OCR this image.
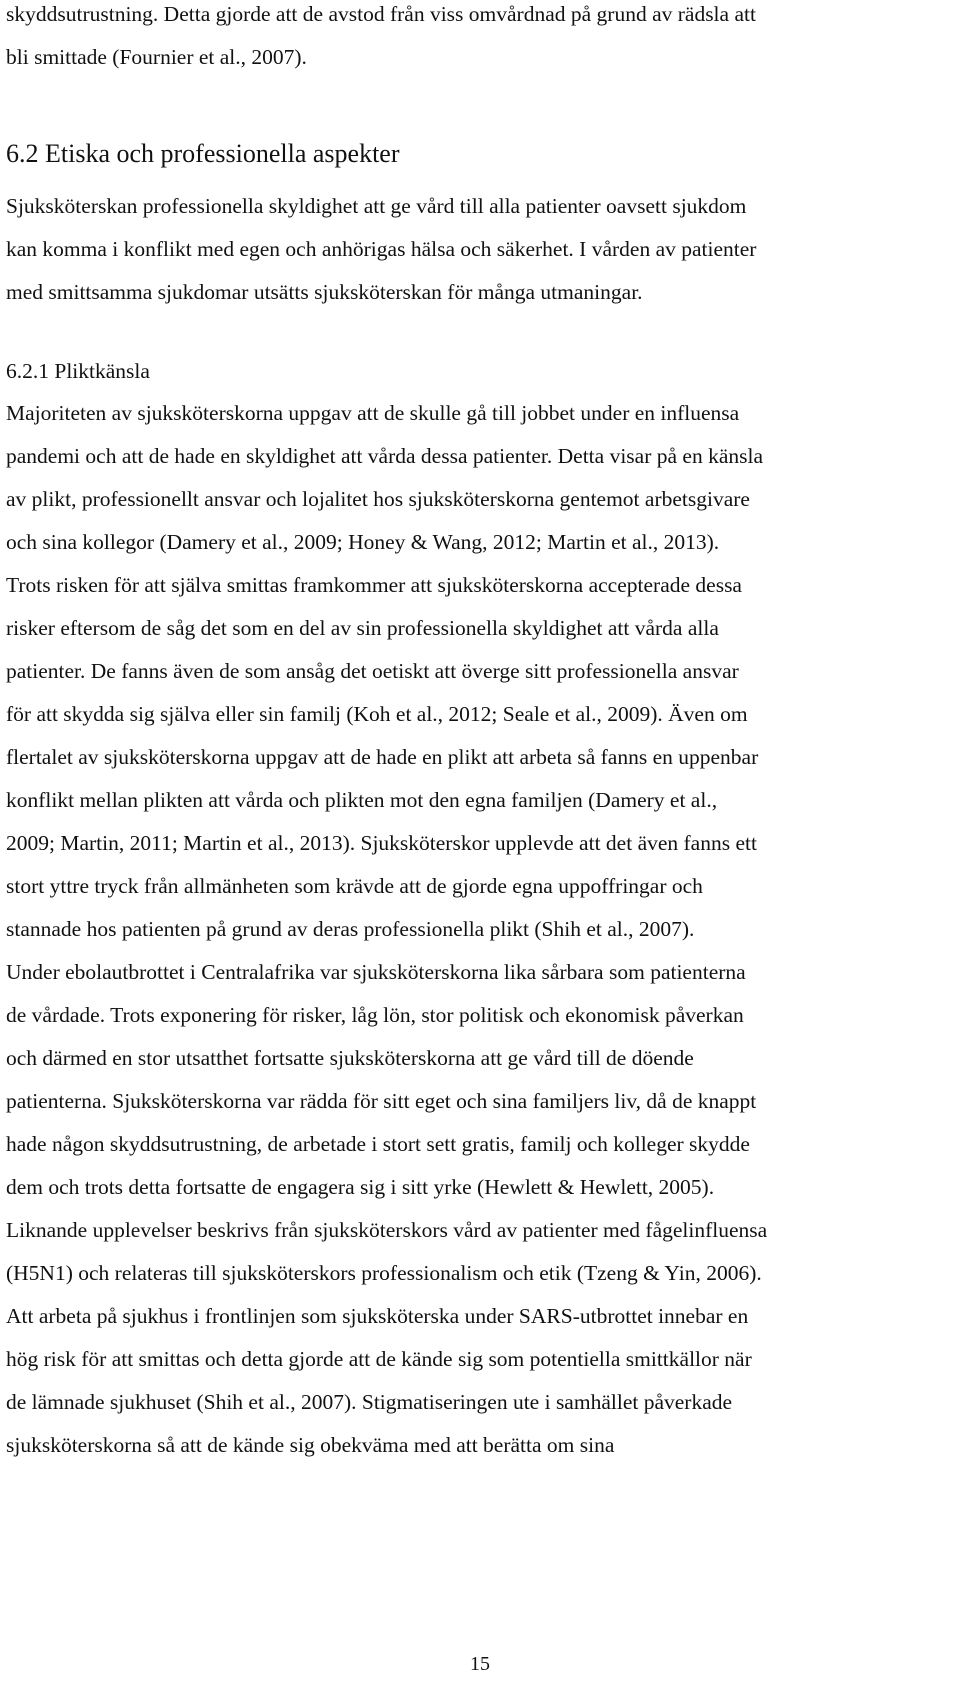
skyddsutrustning. Detta gjorde att de avstod från viss omvårdnad på grund av rädsla att
bli smittade (Fournier et al., 2007).
6.2 Etiska och professionella aspekter
Sjuksköterskan professionella skyldighet att ge vård till alla patienter oavsett sjukdom
kan komma i konflikt med egen och anhörigas hälsa och säkerhet. I vården av patienter
med smittsamma sjukdomar utsätts sjuksköterskan för många utmaningar.
6.2.1 Pliktkänsla
Majoriteten av sjuksköterskorna uppgav att de skulle gå till jobbet under en influensa
pandemi och att de hade en skyldighet att vårda dessa patienter. Detta visar på en känsla
av plikt, professionellt ansvar och lojalitet hos sjuksköterskorna gentemot arbetsgivare
och sina kollegor (Damery et al., 2009; Honey & Wang, 2012; Martin et al., 2013).
Trots risken för att själva smittas framkommer att sjuksköterskorna accepterade dessa
risker eftersom de såg det som en del av sin professionella skyldighet att vårda alla
patienter. De fanns även de som ansåg det oetiskt att överge sitt professionella ansvar
för att skydda sig själva eller sin familj (Koh et al., 2012; Seale et al., 2009). Även om
flertalet av sjuksköterskorna uppgav att de hade en plikt att arbeta så fanns en uppenbar
konflikt mellan plikten att vårda och plikten mot den egna familjen (Damery et al.,
2009; Martin, 2011; Martin et al., 2013). Sjuksköterskor upplevde att det även fanns ett
stort yttre tryck från allmänheten som krävde att de gjorde egna uppoffringar och
stannade hos patienten på grund av deras professionella plikt (Shih et al., 2007).
Under ebolautbrottet i Centralafrika var sjuksköterskorna lika sårbara som patienterna
de vårdade. Trots exponering för risker, låg lön, stor politisk och ekonomisk påverkan
och därmed en stor utsatthet fortsatte sjuksköterskorna att ge vård till de döende
patienterna. Sjuksköterskorna var rädda för sitt eget och sina familjers liv, då de knappt
hade någon skyddsutrustning, de arbetade i stort sett gratis, familj och kolleger skydde
dem och trots detta fortsatte de engagera sig i sitt yrke (Hewlett & Hewlett, 2005).
Liknande upplevelser beskrivs från sjuksköterskors vård av patienter med fågelinfluensa
(H5N1) och relateras till sjuksköterskors professionalism och etik (Tzeng & Yin, 2006).
Att arbeta på sjukhus i frontlinjen som sjuksköterska under SARS-utbrottet innebar en
hög risk för att smittas och detta gjorde att de kände sig som potentiella smittkällor när
de lämnade sjukhuset (Shih et al., 2007). Stigmatiseringen ute i samhället påverkade
sjuksköterskorna så att de kände sig obekväma med att berätta om sina
15
